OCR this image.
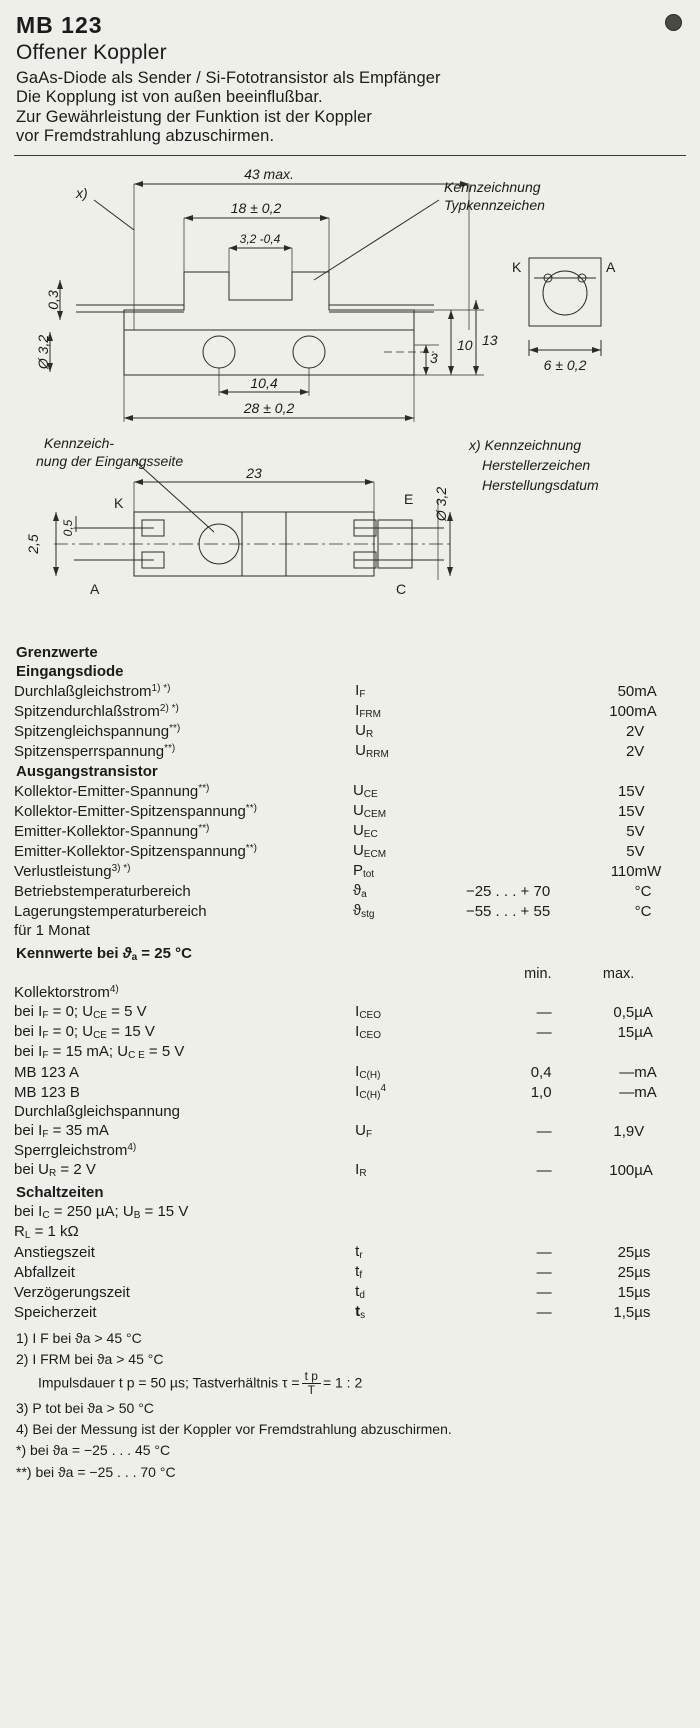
MB 123
Offener Koppler
GaAs-Diode als Sender / Si-Fototransistor als Empfänger
Die Kopplung ist von außen beeinflußbar.
Zur Gewährleistung der Funktion ist der Koppler
vor Fremdstrahlung abzuschirmen.
x)
43 max.
18 ± 0,2
3,2 -0,4
0,3
Ø 3,2	13
10
3
10,4
28 ± 0,2
Kennzeichnung
Typkennzeichen
K	A
6 ± 0,2
Kennzeich-
nung der Eingangsseite
23
2,5
0,5
Ø 3,2
x) Kennzeichnung
Herstellerzeichen
Herstellungsdatum
K
A
E
C
Grenzwerte
Eingangsdiode
Durchlaßgleichstrom$^{1) *)}$	$I_F$		50	mA
Spitzendurchlaßstrom$^{2) *)}$	$I_{FRM}$		100	mA
Spitzengleichspannung**)	$U_R$		2	V
Spitzensperrspannung**)	$U_{RRM}$		2	V
Ausgangstransistor
Kollektor-Emitter-Spannung**)	$U_{CE}$		15	V
Kollektor-Emitter-Spitzenspannung**)	$U_{CEM}$		15	V
Emitter-Kollektor-Spannung**)	$U_{EC}$		5	V
Emitter-Kollektor-Spitzenspannung**)	$U_{ECM}$		5	V
Verlustleistung$^{3) *)}$	$P_{tot}$		110	mW
Betriebstemperaturbereich	$ϑ_a$	−25 . . . + 70		°C
Lagerungstemperaturbereich	$ϑ_{stg}$	−55 . . . + 55		°C
für 1 Monat				
Kennwerte bei $ϑ_a = 25$ °C
		min.	max.	
Kollektorstrom$^{4)}$				
bei $I_F = 0$; $U_{CE} = 5$ V	$I_{CEO}$	—	0,5	µA
bei $I_F = 0$; $U_{CE} = 15$ V	$I_{CEO}$	—	15	µA
bei $I_F = 15$ mA; $U_{C E} = 5$ V				
MB 123 A	$I_{C(H)}$	0,4	—	mA
MB 123 B	$I_{C(H)}^4$	1,0	—	mA
Durchlaßgleichspannung				
bei $I_F = 35$ mA	$U_F$	—	1,9	V
Sperrgleichstrom$^{4)}$				
bei $U_R = 2$ V	$I_R$	—	100	µA
Schaltzeiten
bei $I_C = 250$ µA; $U_B = 15$ V				
$R_L = 1$ kΩ				
Anstiegszeit	$t_r$	—	25	µs
Abfallzeit	$t_f$	—	25	µs
Verzögerungszeit	$t_d$	—	15	µs
Speicherzeit	$t_s$	—	1,5	µs
1) I F bei ϑa > 45 °C
2) I FRM bei ϑa > 45 °C
Impulsdauer t p = 50 µs; Tastverhältnis $\tau = \frac{\text{t p}}{T} = 1$ : 2
3) P tot bei ϑa > 50 °C
4) Bei der Messung ist der Koppler vor Fremdstrahlung abzuschirmen.
*) bei ϑa = −25 . . . 45 °C
**) bei ϑa = −25 . . . 70 °C
